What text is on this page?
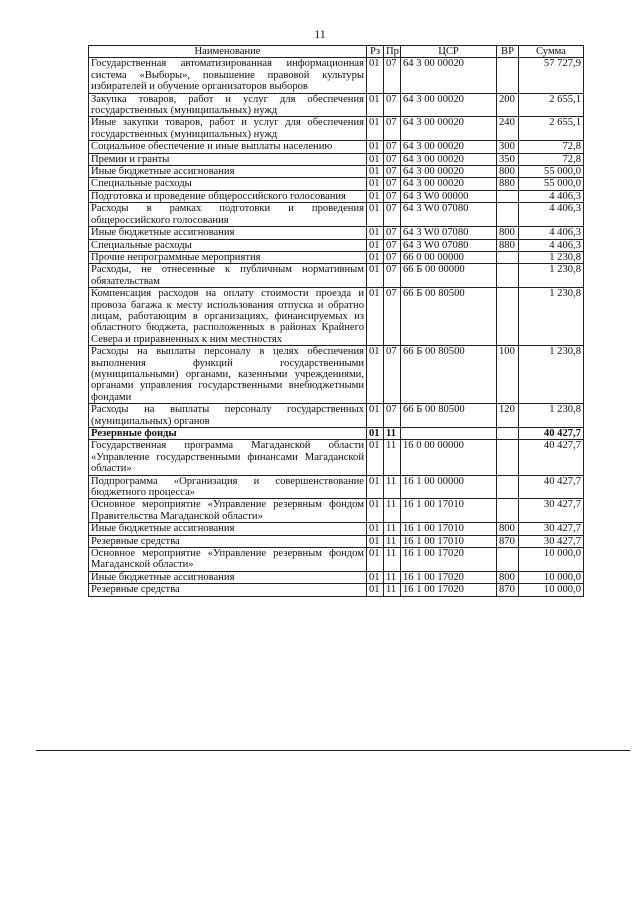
11
Наименование	Рз	Пр	ЦСР	ВР	Сумма
Государственная автоматизированная информационная система «Выборы», повышение правовой культуры избирателей и обучение организаторов выборов	01	07	64 3 00 00020		57 727,9
Закупка товаров, работ и услуг для обеспечения государственных (муниципальных) нужд	01	07	64 3 00 00020	200	2 655,1
Иные закупки товаров, работ и услуг для обеспечения государственных (муниципальных) нужд	01	07	64 3 00 00020	240	2 655,1
Социальное обеспечение и иные выплаты населению	01	07	64 3 00 00020	300	72,8
Премии и гранты	01	07	64 3 00 00020	350	72,8
Иные бюджетные ассигнования	01	07	64 3 00 00020	800	55 000,0
Специальные расходы	01	07	64 3 00 00020	880	55 000,0
Подготовка и проведение общероссийского голосования	01	07	64 3 W0 00000		4 406,3
Расходы в рамках подготовки и проведения общероссийского голосования	01	07	64 3 W0 07080		4 406,3
Иные бюджетные ассигнования	01	07	64 3 W0 07080	800	4 406,3
Специальные расходы	01	07	64 3 W0 07080	880	4 406,3
Прочие непрограммные мероприятия	01	07	66 0 00 00000		1 230,8
Расходы, не отнесенные к публичным нормативным обязательствам	01	07	66 Б 00 00000		1 230,8
Компенсация расходов на оплату стоимости проезда и провоза багажа к месту использования отпуска и обратно лицам, работающим в организациях, финансируемых из областного бюджета, расположенных в районах Крайнего Севера и приравненных к ним местностях	01	07	66 Б 00 80500		1 230,8
Расходы на выплаты персоналу в целях обеспечения выполнения функций государственными (муниципальными) органами, казенными учреждениями, органами управления государственными внебюджетными фондами	01	07	66 Б 00 80500	100	1 230,8
Расходы на выплаты персоналу государственных (муниципальных) органов	01	07	66 Б 00 80500	120	1 230,8
Резервные фонды	01	11			40 427,7
Государственная программа Магаданской области «Управление государственными финансами Магаданской области»	01	11	16 0 00 00000		40 427,7
Подпрограмма «Организация и совершенствование бюджетного процесса»	01	11	16 1 00 00000		40 427,7
Основное мероприятие «Управление резервным фондом Правительства Магаданской области»	01	11	16 1 00 17010		30 427,7
Иные бюджетные ассигнования	01	11	16 1 00 17010	800	30 427,7
Резервные средства	01	11	16 1 00 17010	870	30 427,7
Основное мероприятие «Управление резервным фондом Магаданской области»	01	11	16 1 00 17020		10 000,0
Иные бюджетные ассигнования	01	11	16 1 00 17020	800	10 000,0
Резервные средства	01	11	16 1 00 17020	870	10 000,0
